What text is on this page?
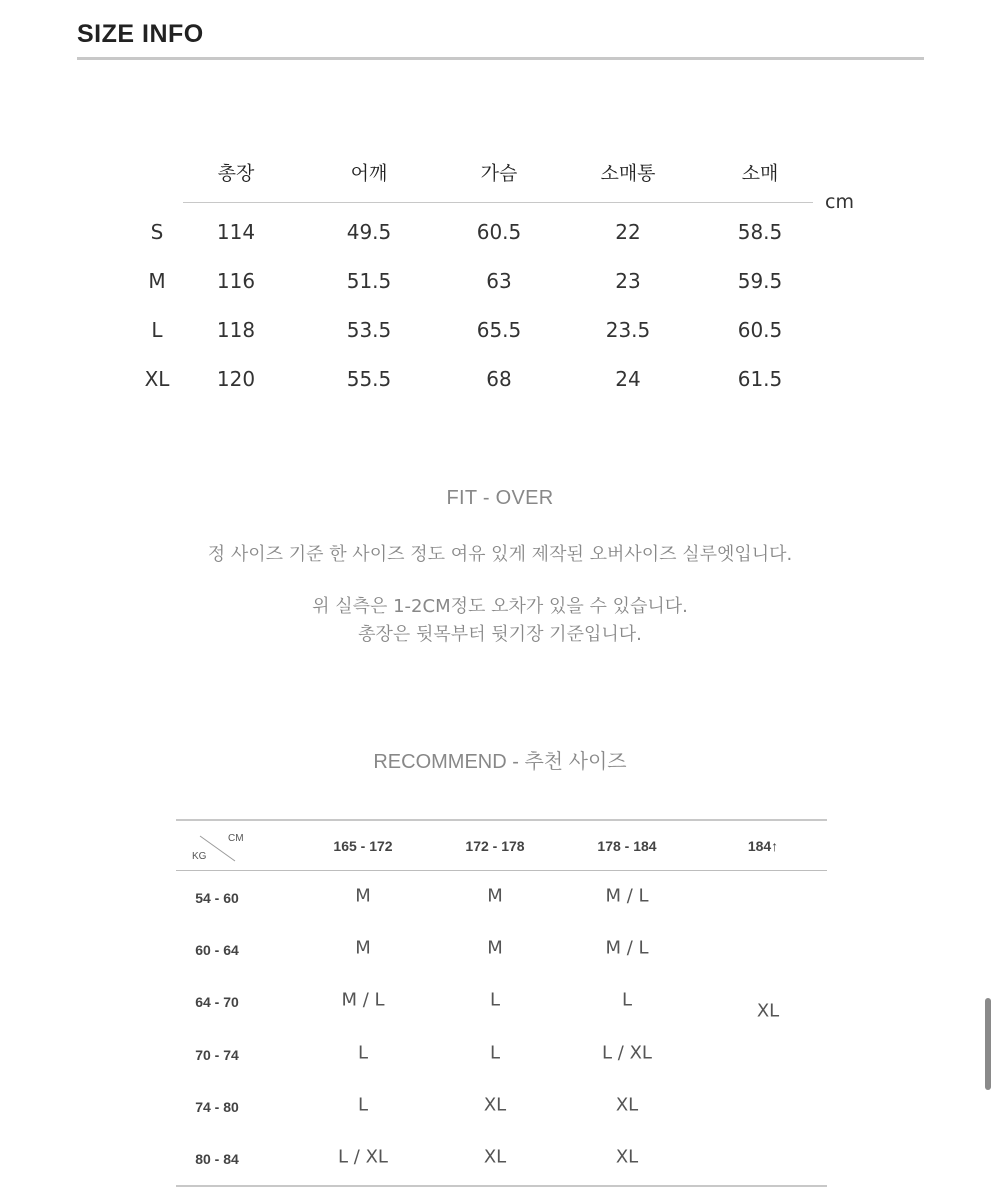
SIZE INFO
총장	어깨	가슴	소매통	소매
S	114	49.5	60.5	22	58.5
M	116	51.5	63	23	59.5
L	118	53.5	65.5	23.5	60.5
XL 120	55.5	68	24	61.5
cm
FIT - OVER
정 사이즈 기준 한 사이즈 정도 여유 있게 제작된 오버사이즈 실루엣입니다.
위 실측은 1-2CM정도 오차가 있을 수 있습니다.
총장은 뒷목부터 뒷기장 기준입니다.
RECOMMEND - 추천 사이즈
CM
KG
165 - 172	172 - 178	178 - 184	184↑
54 - 60	M	M	M / L
60 - 64	M	M	M / L
64 - 70	M / L	L	L
70 - 74	L	L	L / XL
74 - 80	L	XL	XL
80 - 84	L / XL	XL	XL
XL
